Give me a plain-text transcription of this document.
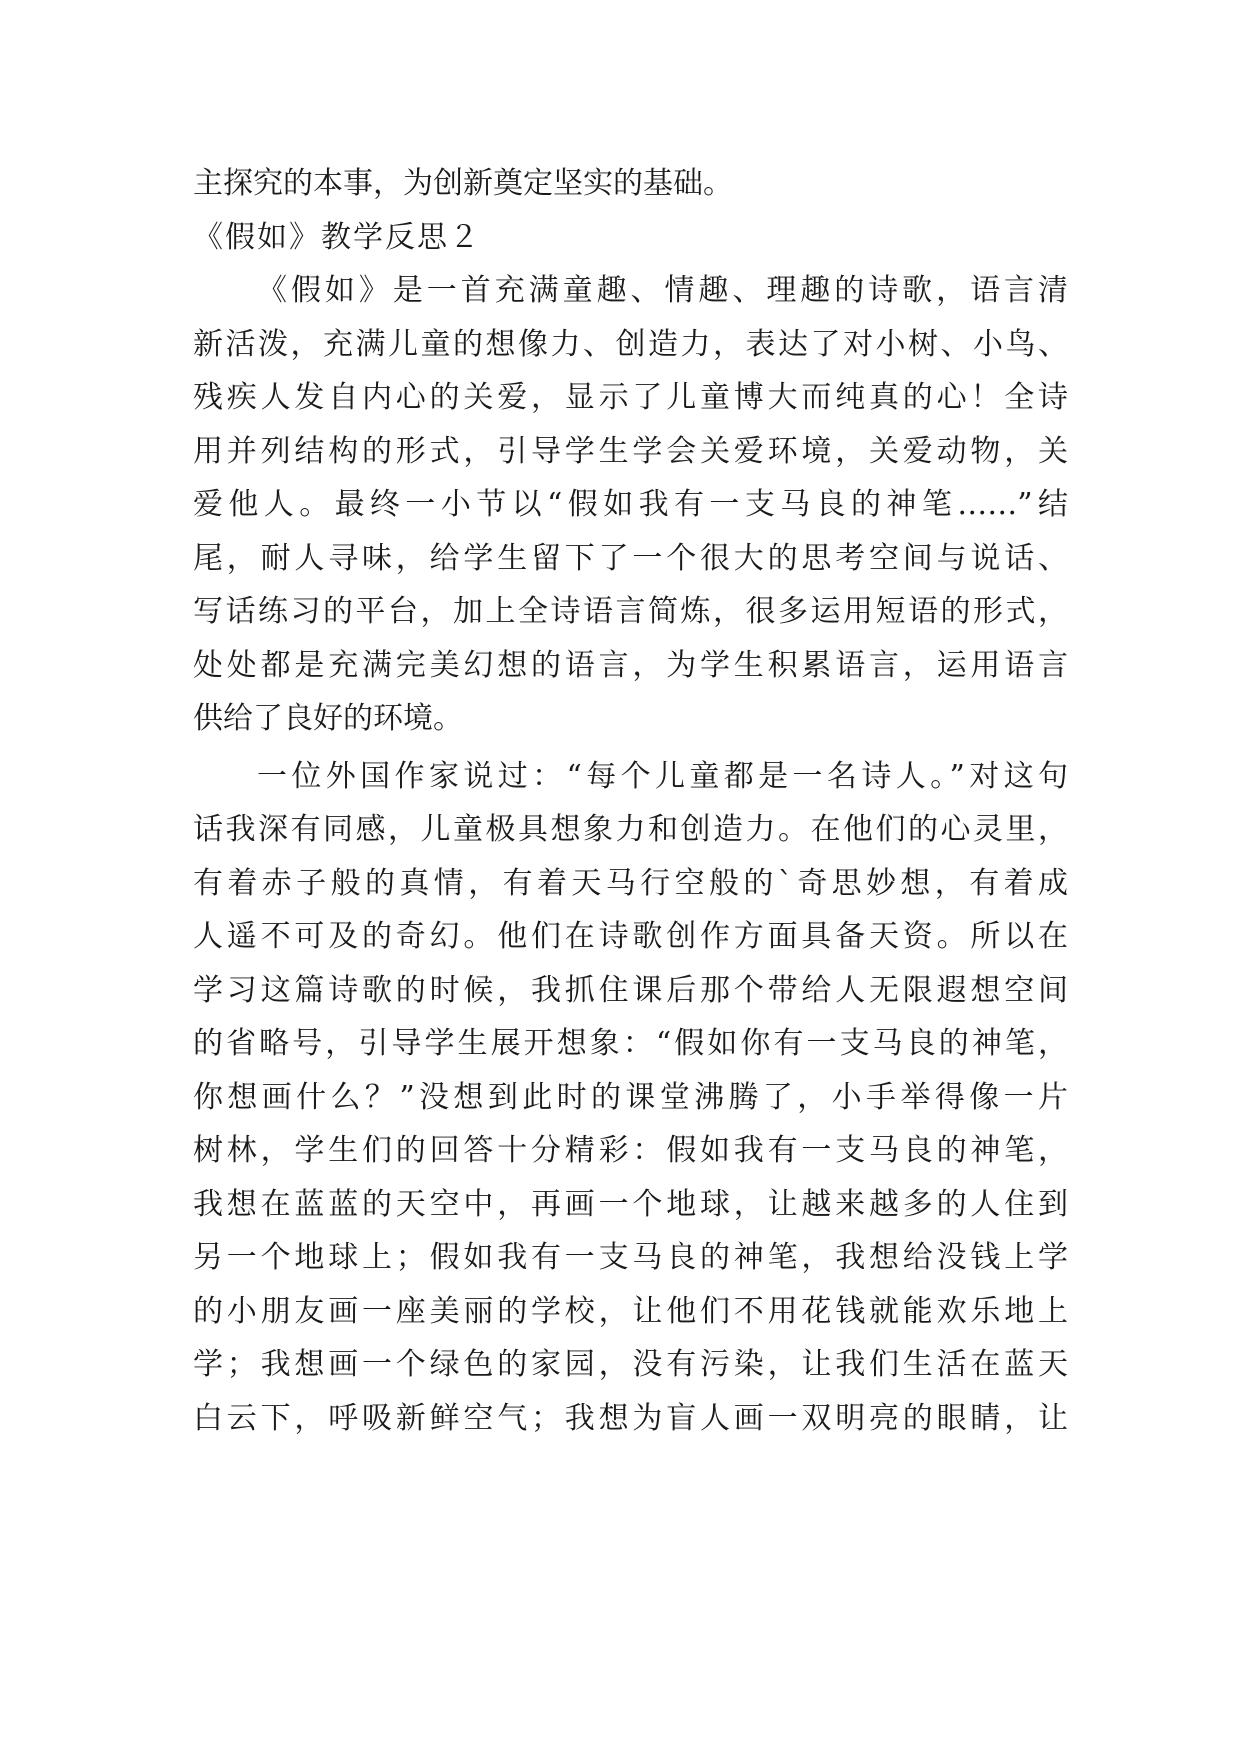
主探究的本事，为创新奠定坚实的基础。
《假如》教学反思２
《假如》是一首充满童趣、情趣、理趣的诗歌，语言清
新活泼，充满儿童的想像力、创造力，表达了对小树、小鸟、
残疾人发自内心的关爱，显示了儿童博大而纯真的心！全诗
用并列结构的形式，引导学生学会关爱环境，关爱动物，关
爱他人。最终一小节以“假如我有一支马良的神笔……”结
尾，耐人寻味，给学生留下了一个很大的思考空间与说话、
写话练习的平台，加上全诗语言简炼，很多运用短语的形式，
处处都是充满完美幻想的语言，为学生积累语言，运用语言
供给了良好的环境。
一位外国作家说过：“每个儿童都是一名诗人。”对这句
话我深有同感，儿童极具想象力和创造力。在他们的心灵里，
有着赤子般的真情，有着天马行空般的`奇思妙想，有着成
人遥不可及的奇幻。他们在诗歌创作方面具备天资。所以在
学习这篇诗歌的时候，我抓住课后那个带给人无限遐想空间
的省略号，引导学生展开想象：“假如你有一支马良的神笔，
你想画什么？”没想到此时的课堂沸腾了，小手举得像一片
树林，学生们的回答十分精彩：假如我有一支马良的神笔，
我想在蓝蓝的天空中，再画一个地球，让越来越多的人住到
另一个地球上；假如我有一支马良的神笔，我想给没钱上学
的小朋友画一座美丽的学校，让他们不用花钱就能欢乐地上
学；我想画一个绿色的家园，没有污染，让我们生活在蓝天
白云下，呼吸新鲜空气；我想为盲人画一双明亮的眼睛，让
